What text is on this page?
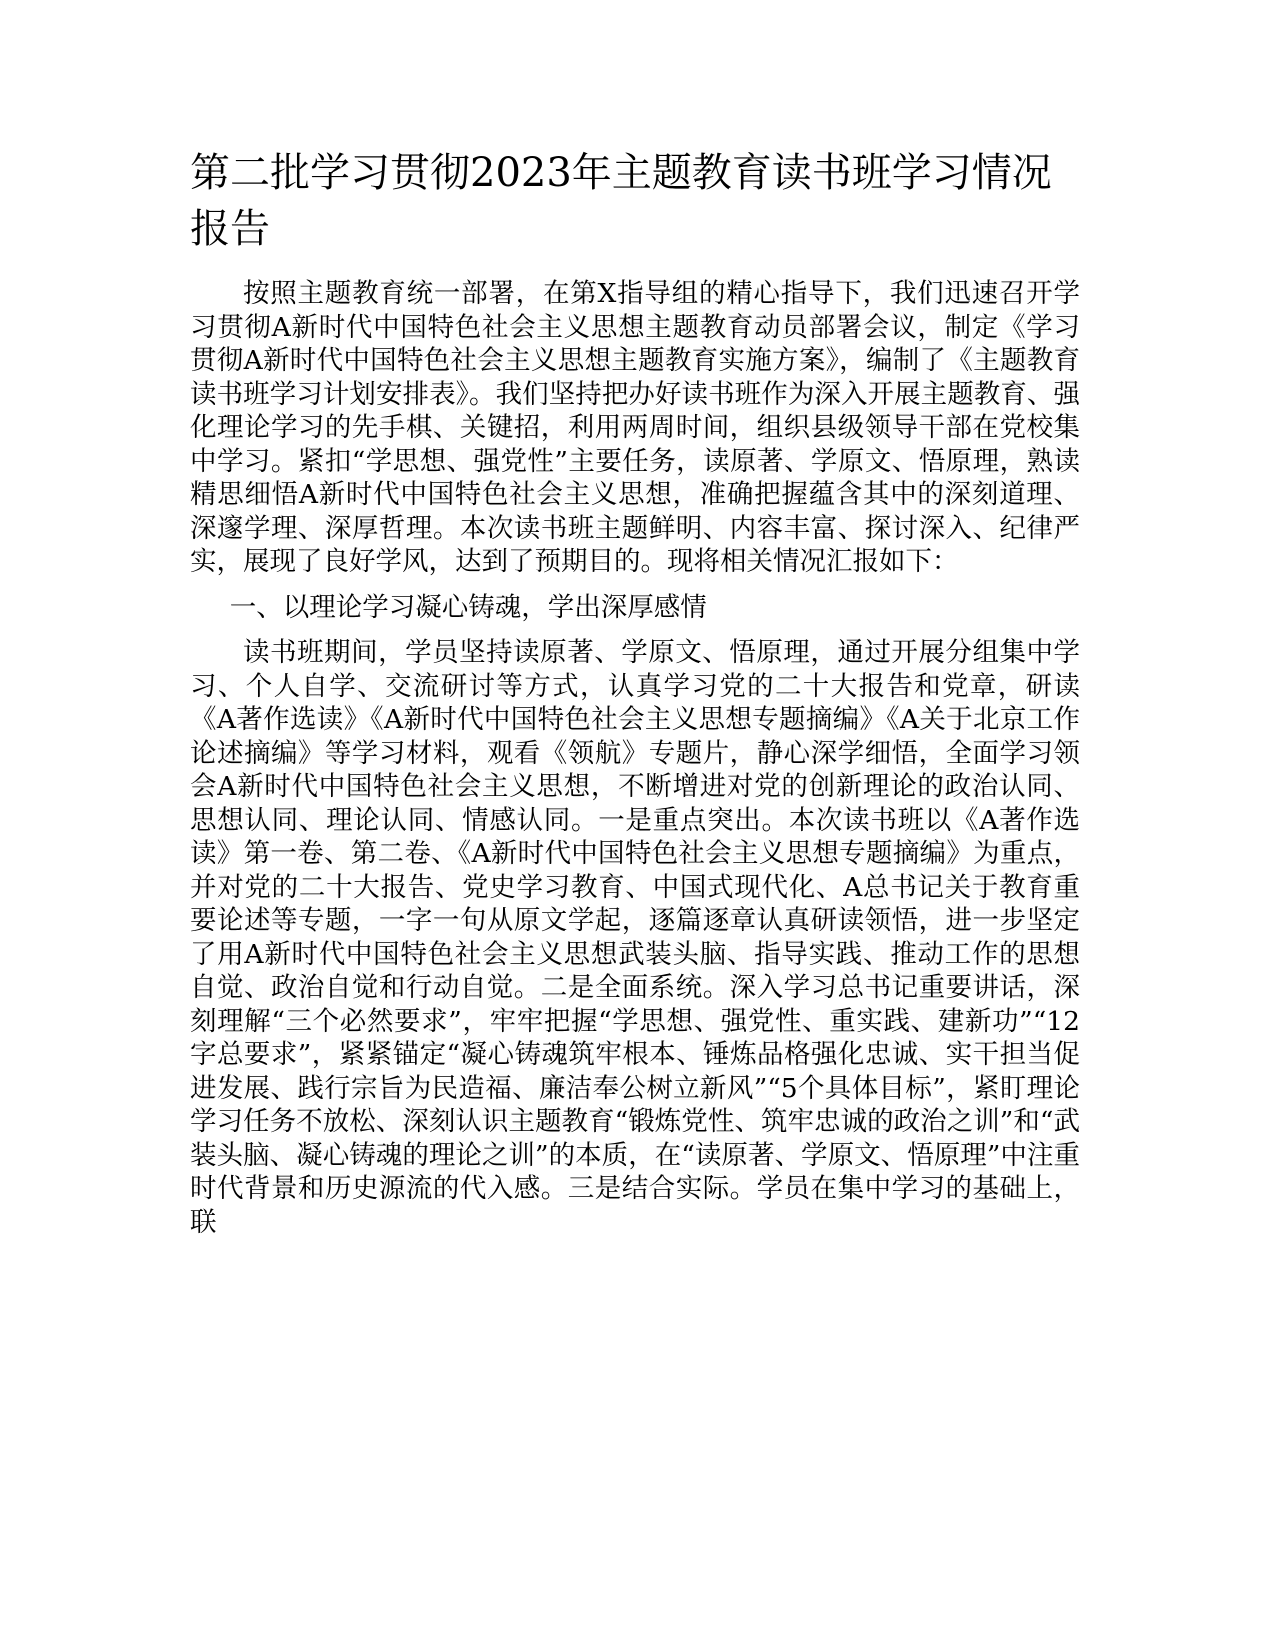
第二批学习贯彻2023年主题教育读书班学习情况报告

按照主题教育统一部署，在第X指导组的精心指导下，我们迅速召开学习贯彻A新时代中国特色社会主义思想主题教育动员部署会议，制定《学习贯彻A新时代中国特色社会主义思想主题教育实施方案》，编制了《主题教育读书班学习计划安排表》。我们坚持把办好读书班作为深入开展主题教育、强化理论学习的先手棋、关键招，利用两周时间，组织县级领导干部在党校集中学习。紧扣“学思想、强党性”主要任务，读原著、学原文、悟原理，熟读精思细悟A新时代中国特色社会主义思想，准确把握蕴含其中的深刻道理、深邃学理、深厚哲理。本次读书班主题鲜明、内容丰富、探讨深入、纪律严实，展现了良好学风，达到了预期目的。现将相关情况汇报如下：

一、以理论学习凝心铸魂，学出深厚感情

读书班期间，学员坚持读原著、学原文、悟原理，通过开展分组集中学习、个人自学、交流研讨等方式，认真学习党的二十大报告和党章，研读《A著作选读》《A新时代中国特色社会主义思想专题摘编》《A关于北京工作论述摘编》等学习材料，观看《领航》专题片，静心深学细悟，全面学习领会A新时代中国特色社会主义思想，不断增进对党的创新理论的政治认同、思想认同、理论认同、情感认同。一是重点突出。本次读书班以《A著作选读》第一卷、第二卷、《A新时代中国特色社会主义思想专题摘编》为重点，并对党的二十大报告、党史学习教育、中国式现代化、A总书记关于教育重要论述等专题，一字一句从原文学起，逐篇逐章认真研读领悟，进一步坚定了用A新时代中国特色社会主义思想武装头脑、指导实践、推动工作的思想自觉、政治自觉和行动自觉。二是全面系统。深入学习总书记重要讲话，深刻理解“三个必然要求”，牢牢把握“学思想、强党性、重实践、建新功”“12字总要求”，紧紧锚定“凝心铸魂筑牢根本、锤炼品格强化忠诚、实干担当促进发展、践行宗旨为民造福、廉洁奉公树立新风”“5个具体目标”，紧盯理论学习任务不放松、深刻认识主题教育“锻炼党性、筑牢忠诚的政治之训”和“武装头脑、凝心铸魂的理论之训”的本质，在“读原著、学原文、悟原理”中注重时代背景和历史源流的代入感。三是结合实际。学员在集中学习的基础上，联
